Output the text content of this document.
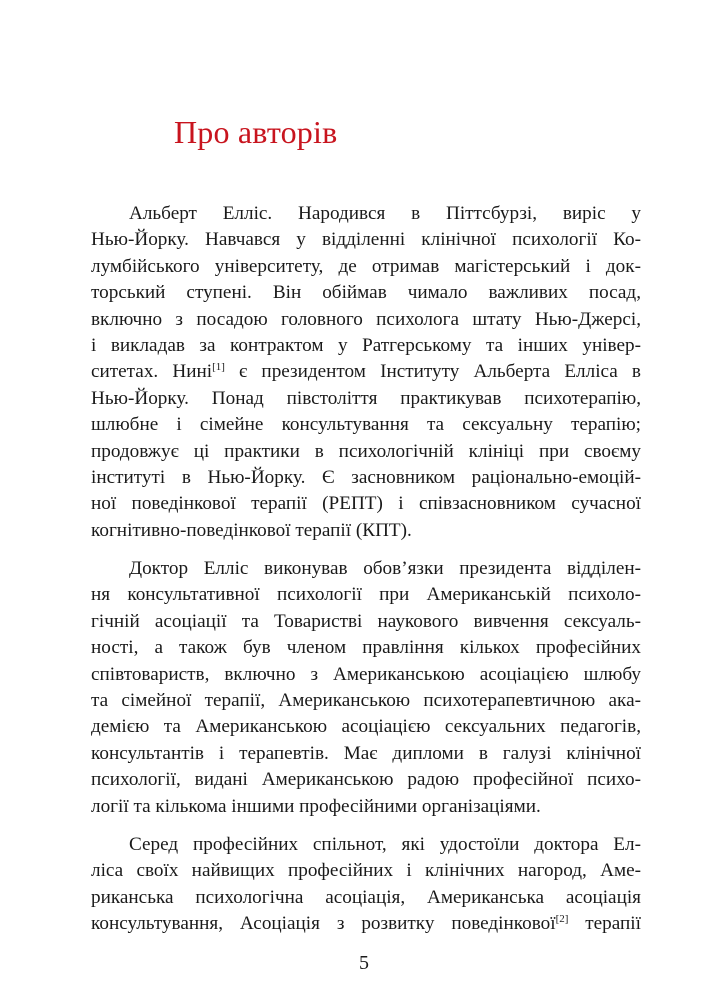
Про авторів
Альберт Елліс. Народився в Піттсбурзі, виріс у
Нью-Йорку. Навчався у відділенні клінічної психології Ко-
лумбійського університету, де отримав магістерський і док-
торський ступені. Він обіймав чимало важливих посад,
включно з посадою головного психолога штату Нью-Джерсі,
і викладав за контрактом у Ратгерському та інших універ-
ситетах. Нині[1] є президентом Інституту Альберта Елліса в
Нью-Йорку. Понад півстоліття практикував психотерапію,
шлюбне і сімейне консультування та сексуальну терапію;
продовжує ці практики в психологічній клініці при своєму
інституті в Нью-Йорку. Є засновником раціонально-емоцій-
ної поведінкової терапії (РЕПТ) і співзасновником сучасної
когнітивно-поведінкової терапії (КПТ).
Доктор Елліс виконував обов’язки президента відділен-
ня консультативної психології при Американській психоло-
гічній асоціації та Товаристві наукового вивчення сексуаль-
ності, а також був членом правління кількох професійних
співтовариств, включно з Американською асоціацією шлюбу
та сімейної терапії, Американською психотерапевтичною ака-
демією та Американською асоціацією сексуальних педагогів,
консультантів і терапевтів. Має дипломи в галузі клінічної
психології, видані Американською радою професійної психо-
логії та кількома іншими професійними організаціями.
Серед професійних спільнот, які удостоїли доктора Ел-
ліса своїх найвищих професійних і клінічних нагород, Аме-
риканська психологічна асоціація, Американська асоціація
консультування, Асоціація з розвитку поведінкової[2] терапії

5
